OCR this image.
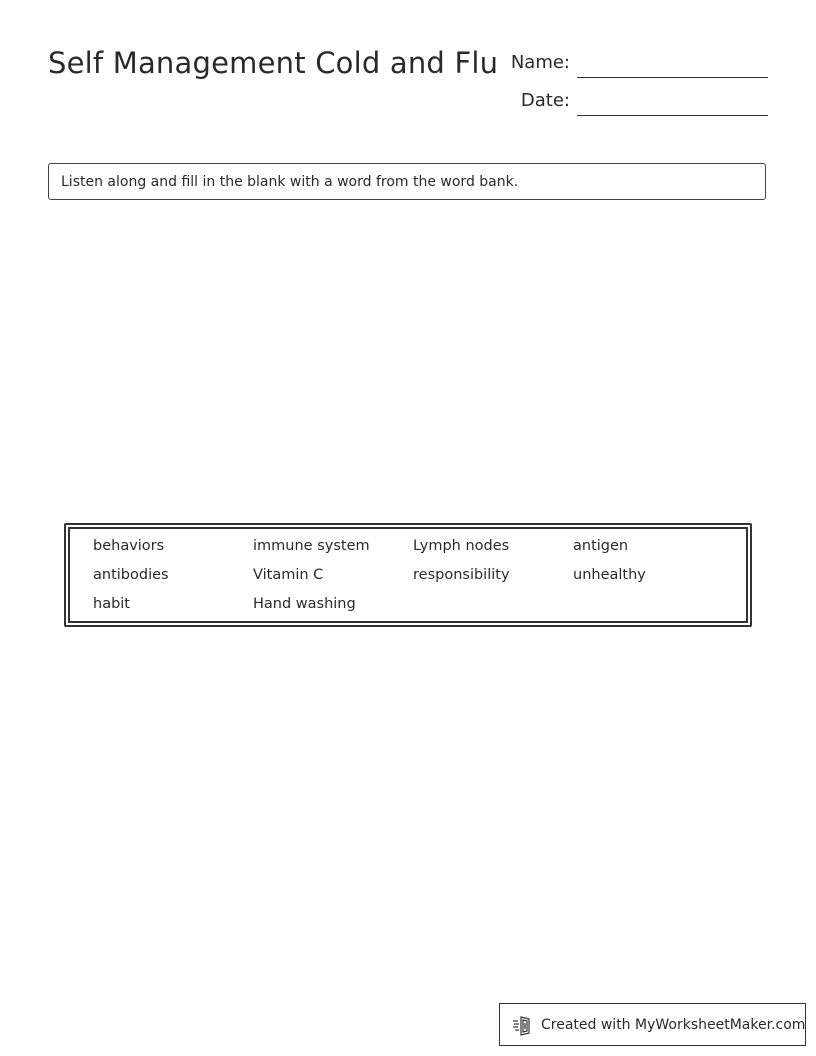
Self Management Cold and Flu Name:
Date:
Listen along and fill in the blank with a word from the word bank.
behaviors	immune system	Lymph nodes	antigen
antibodies	Vitamin C	responsibility	unhealthy
habit	Hand washing
Created with MyWorksheetMaker.com
